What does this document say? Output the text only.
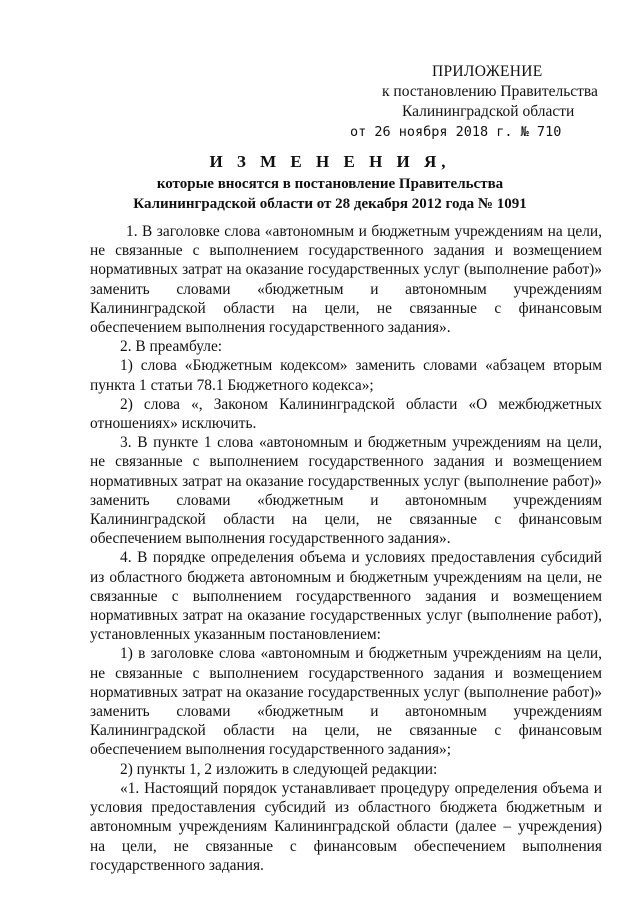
ПРИЛОЖЕНИЕ
к постановлению Правительства
Калининградской области
от 26 ноября 2018 г. № 710
И З М Е Н Е Н И Я,
которые вносятся в постановление Правительства
Калининградской области от 28 декабря 2012 года № 1091

1. В заголовке слова «автономным и бюджетным учреждениям на цели, не связанные с выполнением государственного задания и возмещением нормативных затрат на оказание государственных услуг (выполнение работ)» заменить словами «бюджетным и автономным учреждениям Калининградской области на цели, не связанные с финансовым обеспечением выполнения государственного задания».

2. В преамбуле:

1) слова «Бюджетным кодексом» заменить словами «абзацем вторым пункта 1 статьи 78.1 Бюджетного кодекса»;

2) слова «, Законом Калининградской области «О межбюджетных отношениях» исключить.

3. В пункте 1 слова «автономным и бюджетным учреждениям на цели, не связанные с выполнением государственного задания и возмещением нормативных затрат на оказание государственных услуг (выполнение работ)» заменить словами «бюджетным и автономным учреждениям Калининградской области на цели, не связанные с финансовым обеспечением выполнения государственного задания».

4. В порядке определения объема и условиях предоставления субсидий из областного бюджета автономным и бюджетным учреждениям на цели, не связанные с выполнением государственного задания и возмещением нормативных затрат на оказание государственных услуг (выполнение работ), установленных указанным постановлением:

1) в заголовке слова «автономным и бюджетным учреждениям на цели, не связанные с выполнением государственного задания и возмещением нормативных затрат на оказание государственных услуг (выполнение работ)» заменить словами «бюджетным и автономным учреждениям Калининградской области на цели, не связанные с финансовым обеспечением выполнения государственного задания»;

2) пункты 1, 2 изложить в следующей редакции:

«1. Настоящий порядок устанавливает процедуру определения объема и условия предоставления субсидий из областного бюджета бюджетным и автономным учреждениям Калининградской области (далее – учреждения) на цели, не связанные с финансовым обеспечением выполнения государственного задания.
